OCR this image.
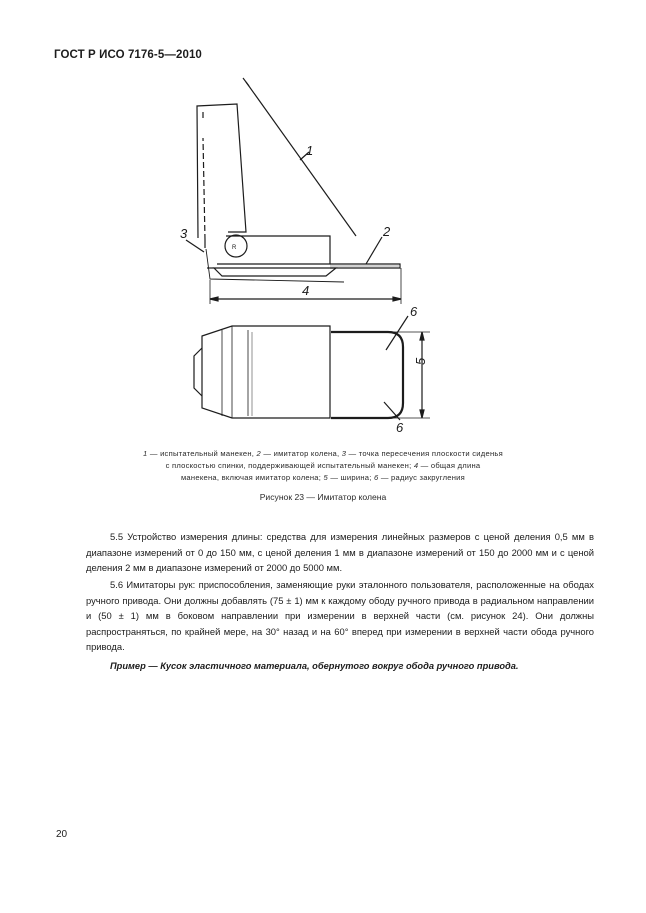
ГОСТ Р ИСО 7176-5—2010
1
2
3
4
5
6
6
R
1 — испытательный манекен, 2 — имитатор колена, 3 — точка пересечения плоскости сиденья
с плоскостью спинки, поддерживающей испытательный манекен; 4 — общая длина
манекена, включая имитатор колена; 5 — ширина; 6 — радиус закругления
Рисунок 23 — Имитатор колена

5.5 Устройство измерения длины: средства для измерения линейных размеров с ценой деления 0,5 мм в диапазоне измерений от 0 до 150 мм, с ценой деления 1 мм в диапазоне измерений от 150 до 2000 мм и с ценой деления 2 мм в диапазоне измерений от 2000 до 5000 мм.

5.6 Имитаторы рук: приспособления, заменяющие руки эталонного пользователя, расположенные на ободах ручного привода. Они должны добавлять (75 ± 1) мм к каждому ободу ручного привода в радиальном направлении и (50 ± 1) мм в боковом направлении при измерении в верхней части (см. рисунок 24). Они должны распространяться, по крайней мере, на 30° назад и на 60° вперед при измерении в верхней части обода ручного привода.

Пример — Кусок эластичного материала, обернутого вокруг обода ручного привода.
20
